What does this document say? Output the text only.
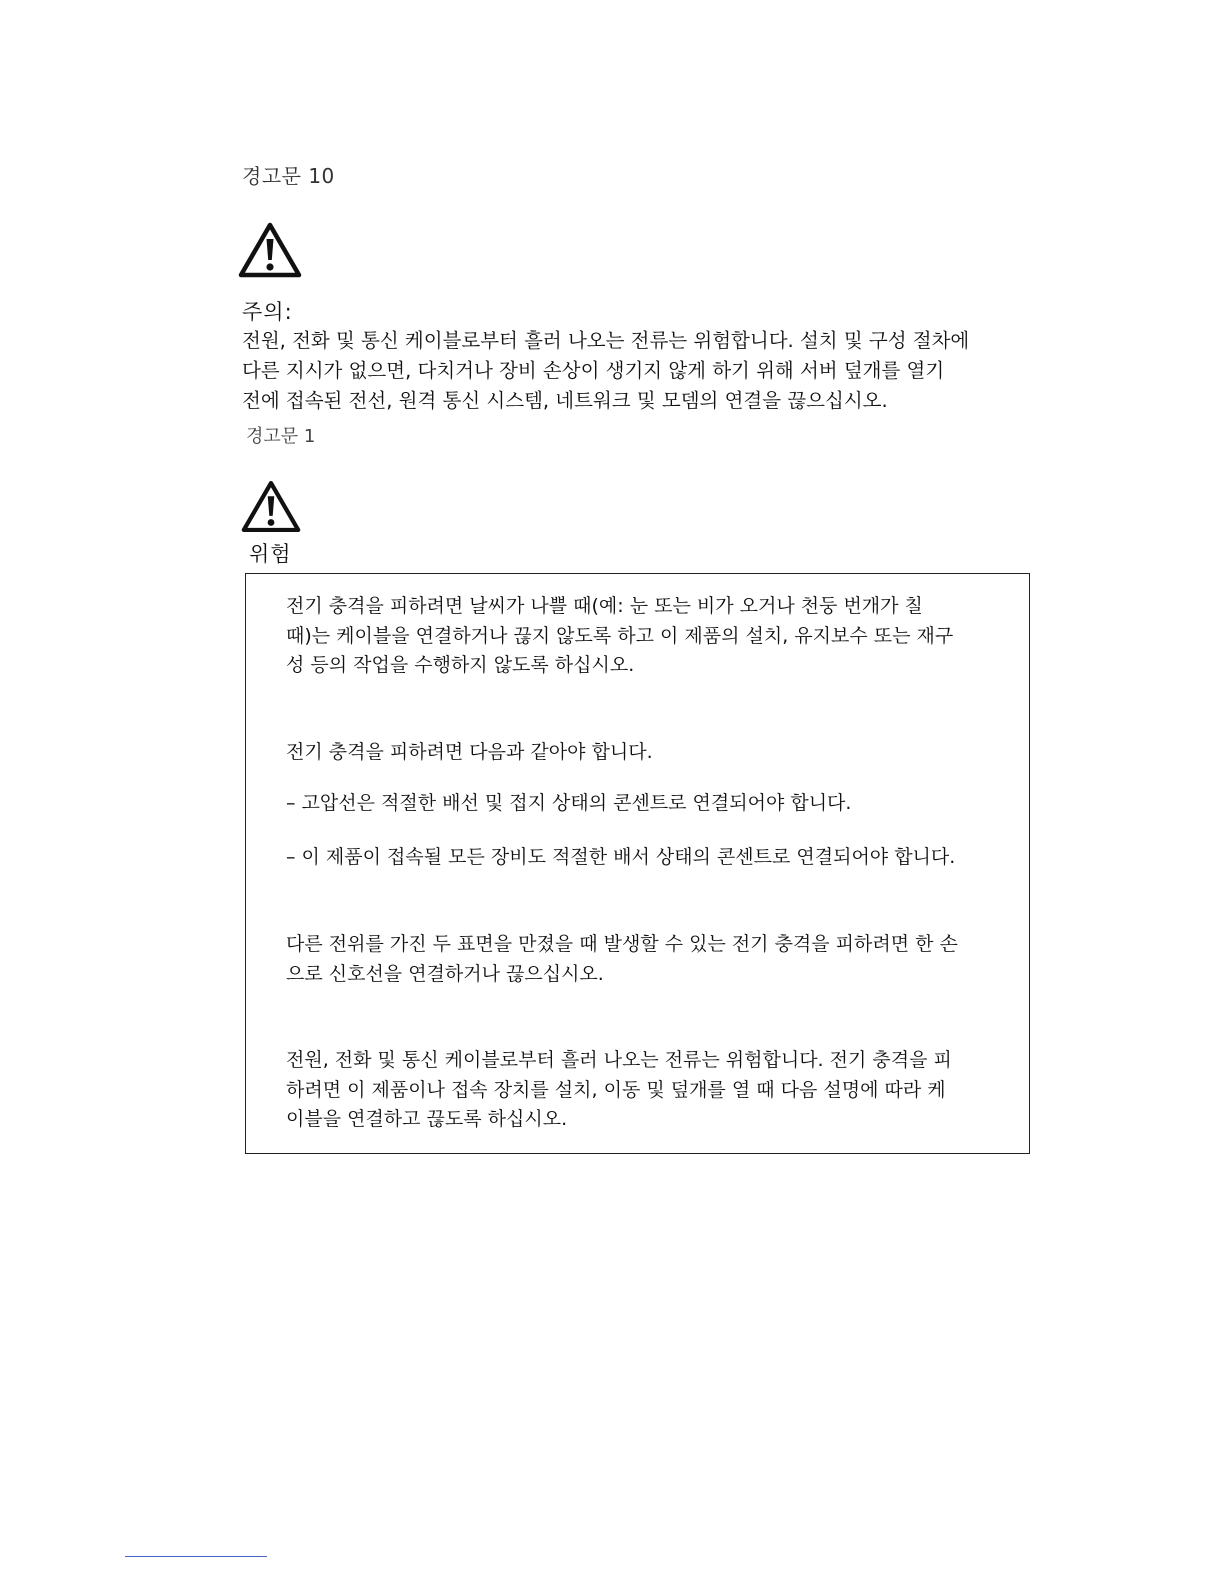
경고문 10
주의:

전원, 전화 및 통신 케이블로부터 흘러 나오는 전류는 위험합니다. 설치 및 구성 절차에

다른 지시가 없으면, 다치거나 장비 손상이 생기지 않게 하기 위해 서버 덮개를 열기

전에 접속된 전선, 원격 통신 시스템, 네트워크 및 모뎀의 연결을 끊으십시오.

경고문 1
위험
전기 충격을 피하려면 날씨가 나쁠 때(예: 눈 또는 비가 오거나 천둥 번개가 칠
때)는 케이블을 연결하거나 끊지 않도록 하고 이 제품의 설치, 유지보수 또는 재구
성 등의 작업을 수행하지 않도록 하십시오.
전기 충격을 피하려면 다음과 같아야 합니다.
– 고압선은 적절한 배선 및 접지 상태의 콘센트로 연결되어야 합니다.
– 이 제품이 접속될 모든 장비도 적절한 배서 상태의 콘센트로 연결되어야 합니다.
다른 전위를 가진 두 표면을 만졌을 때 발생할 수 있는 전기 충격을 피하려면 한 손
으로 신호선을 연결하거나 끊으십시오.
전원, 전화 및 통신 케이블로부터 흘러 나오는 전류는 위험합니다. 전기 충격을 피
하려면 이 제품이나 접속 장치를 설치, 이동 및 덮개를 열 때 다음 설명에 따라 케
이블을 연결하고 끊도록 하십시오.
